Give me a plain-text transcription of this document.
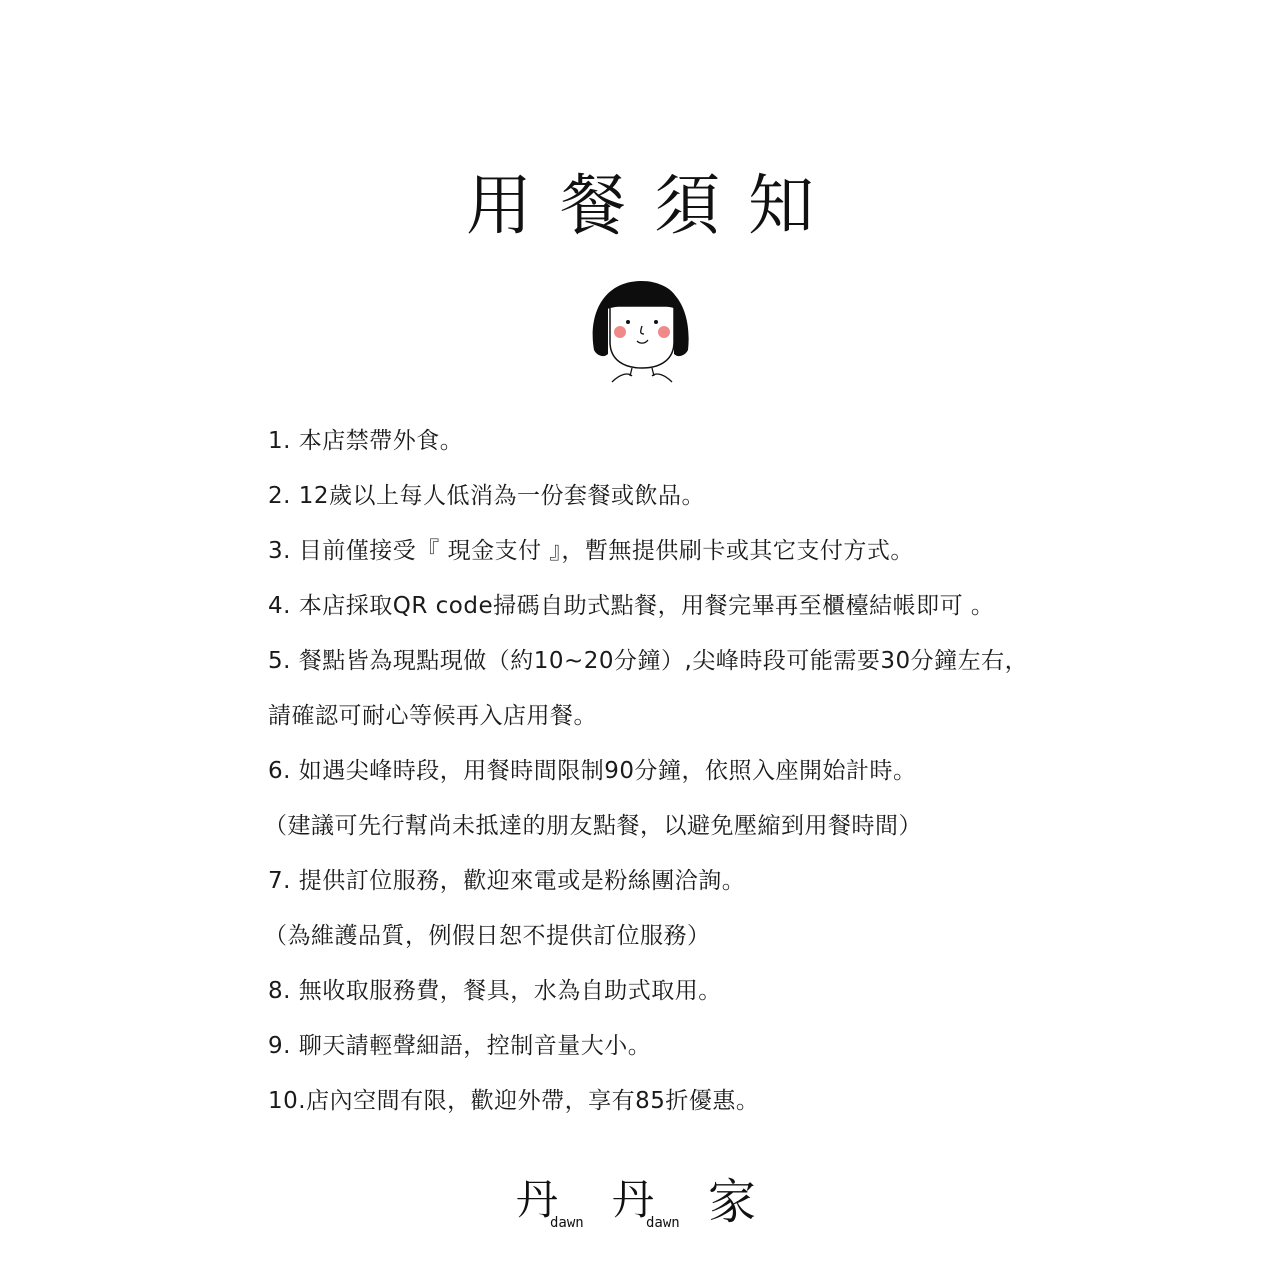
用餐須知
1. 本店禁帶外食。
2. 12歲以上每人低消為一份套餐或飲品。
3. 目前僅接受『 現金支付 』，暫無提供刷卡或其它支付方式。
4. 本店採取QR code掃碼自助式點餐，用餐完畢再至櫃檯結帳即可 。
5. 餐點皆為現點現做（約10~20分鐘）,尖峰時段可能需要30分鐘左右，
請確認可耐心等候再入店用餐。
6. 如遇尖峰時段，用餐時間限制90分鐘，依照入座開始計時。
（建議可先行幫尚未抵達的朋友點餐，以避免壓縮到用餐時間）
7. 提供訂位服務，歡迎來電或是粉絲團洽詢。
（為維護品質，例假日恕不提供訂位服務）
8. 無收取服務費，餐具，水為自助式取用。
9. 聊天請輕聲細語，控制音量大小。
10.店內空間有限，歡迎外帶，享有85折優惠。
丹
dawn 丹
dawn 家
